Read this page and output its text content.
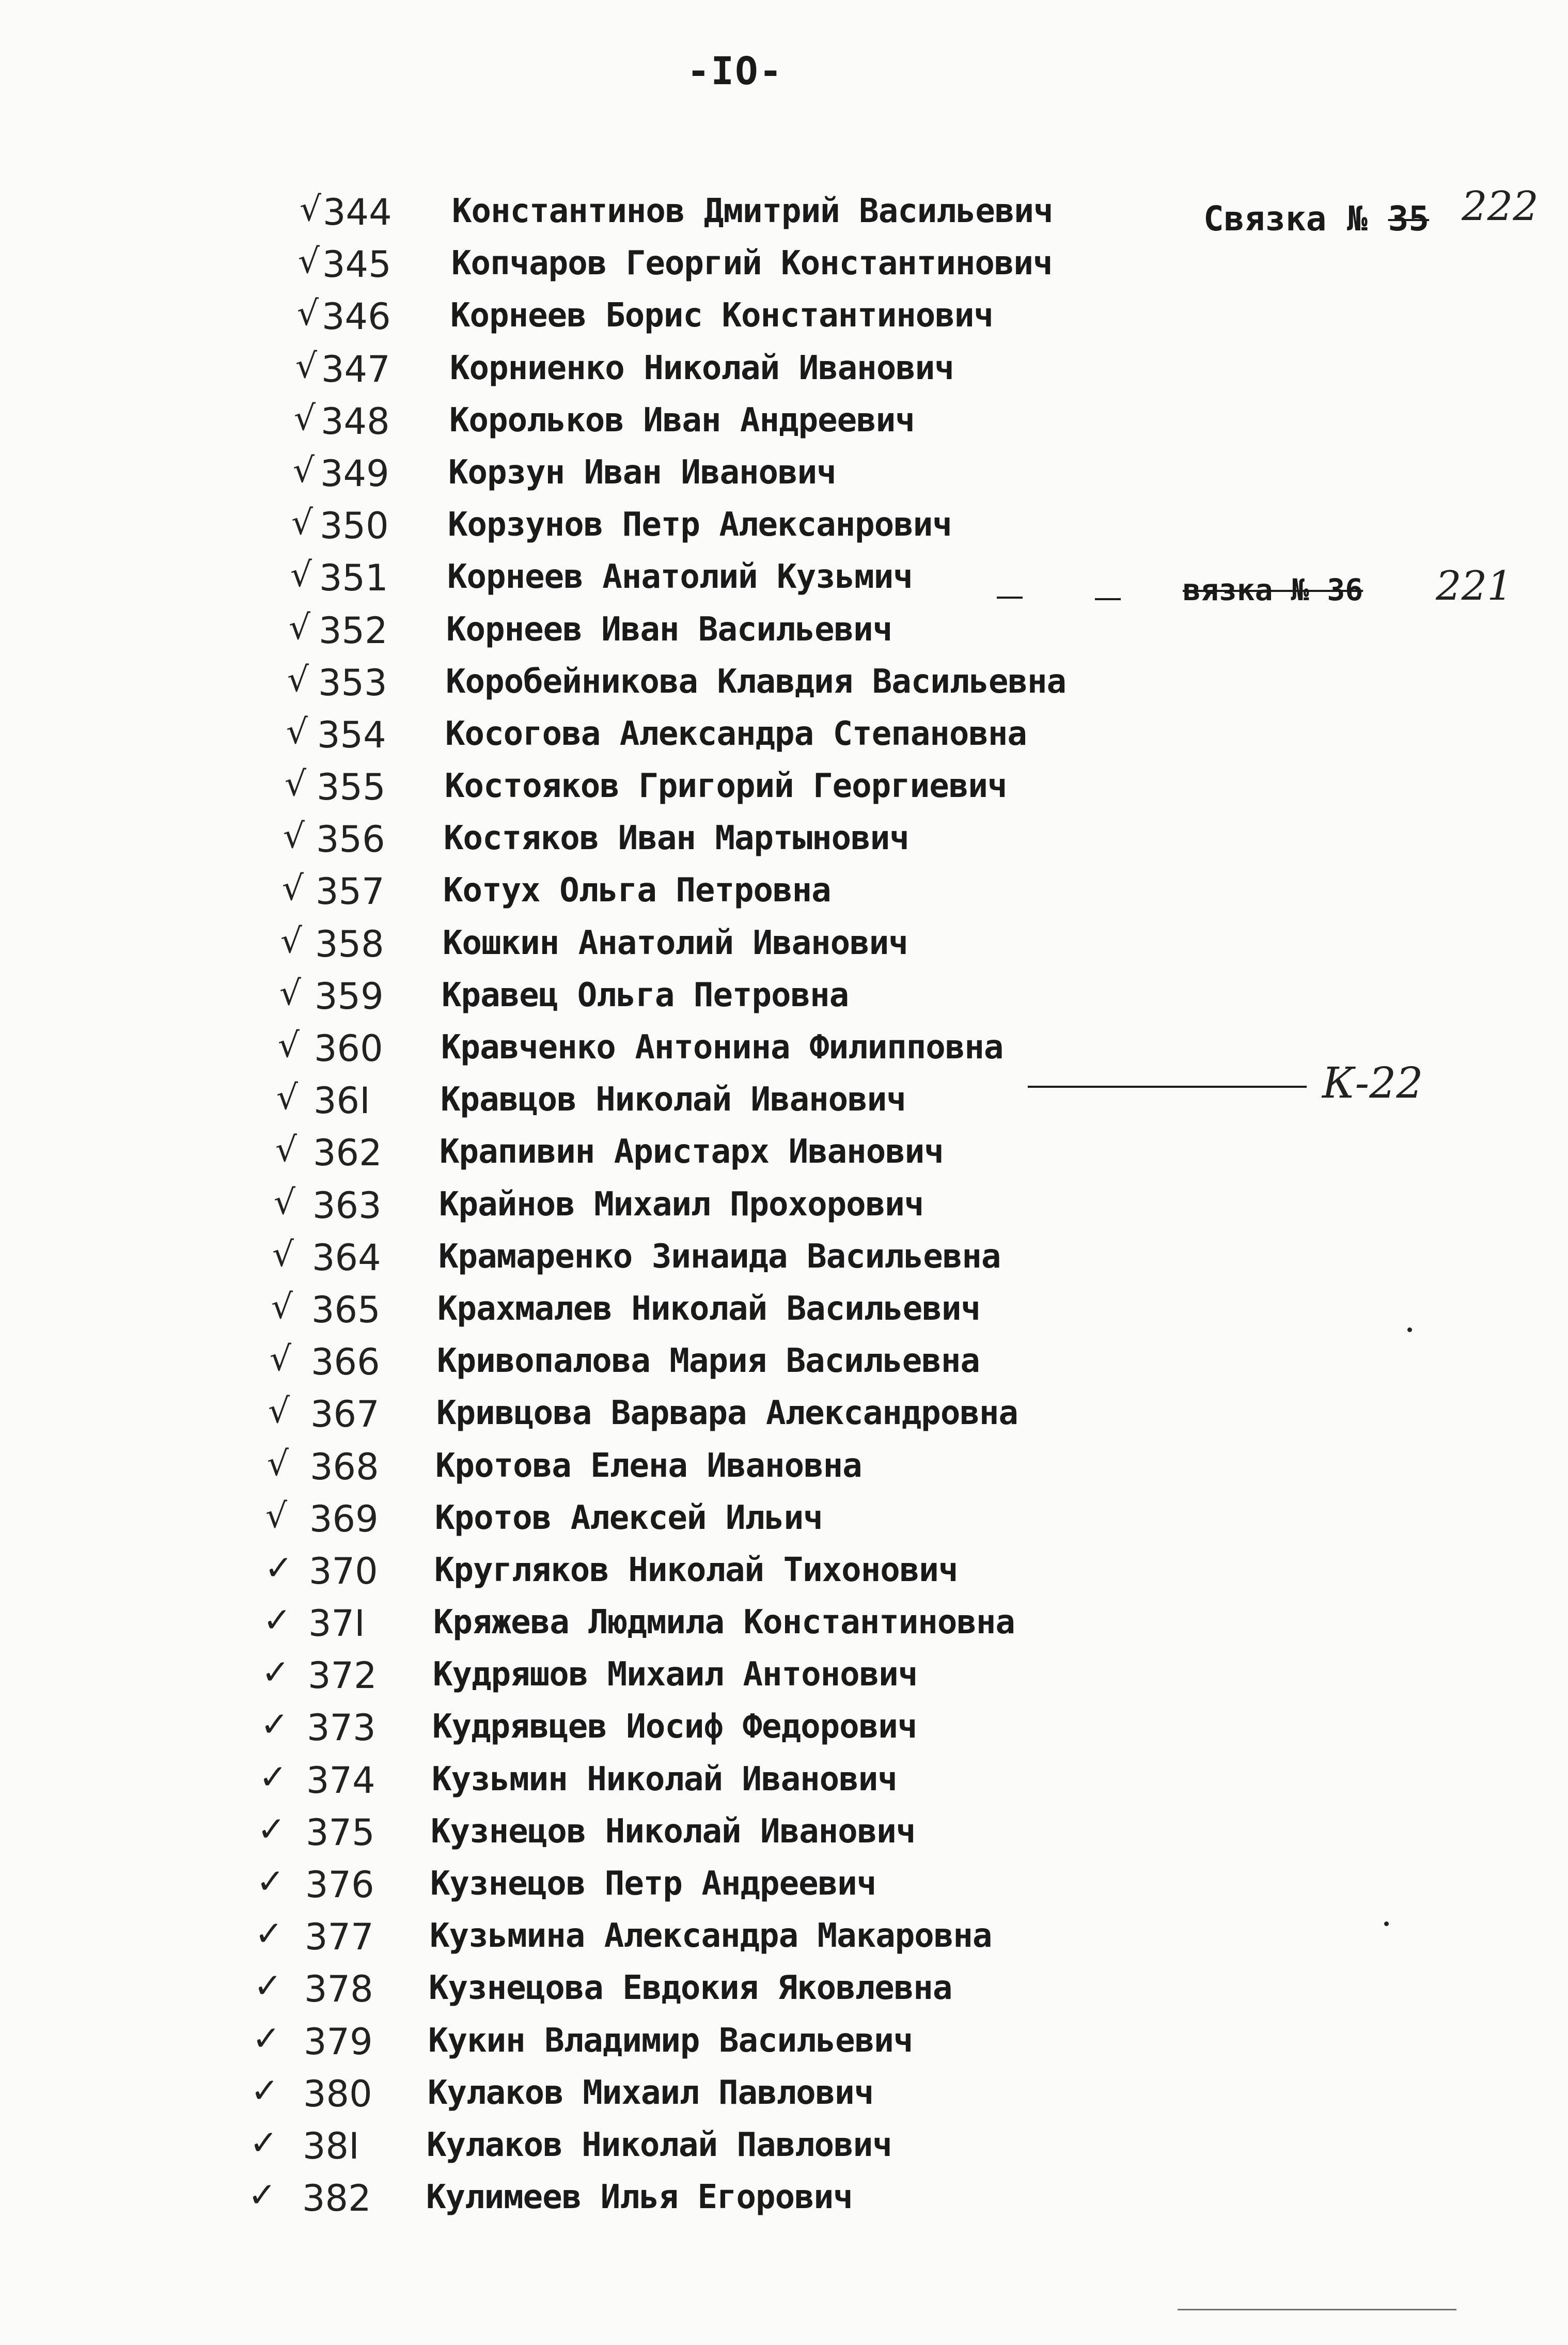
-IO-
√ 344 Константинов Дмитрий Васильевич
√ 345 Копчаров Георгий Константинович
√ 346 Корнеев Борис Константинович
√ 347 Корниенко Николай Иванович
√ 348 Корольков Иван Андреевич
√ 349 Корзун Иван Иванович
√ 350 Корзунов Петр Алексанрович
√ 351 Корнеев Анатолий Кузьмич
√ 352 Корнеев Иван Васильевич
√ 353 Коробейникова Клавдия Васильевна
√ 354 Косогова Александра Степановна
√ 355 Костояков Григорий Георгиевич
√ 356 Костяков Иван Мартынович
√ 357 Котух Ольга Петровна
√ 358 Кошкин Анатолий Иванович
√ 359 Кравец Ольга Петровна
√ 360 Кравченко Антонина Филипповна
√ 36I Кравцов Николай Иванович
√ 362 Крапивин Аристарх Иванович
√ 363 Крайнов Михаил Прохорович
√ 364 Крамаренко Зинаида Васильевна
√ 365 Крахмалев Николай Васильевич
√ 366 Кривопалова Мария Васильевна
√ 367 Кривцова Варвара Александровна
√ 368 Кротова Елена Ивановна
√ 369 Кротов Алексей Ильич
✓ 370 Кругляков Николай Тихонович
✓ 37I Кряжева Людмила Константиновна
✓ 372 Кудряшов Михаил Антонович
✓ 373 Кудрявцев Иосиф Федорович
✓ 374 Кузьмин Николай Иванович
✓ 375 Кузнецов Николай Иванович
✓ 376 Кузнецов Петр Андреевич
✓ 377 Кузьмина Александра Макаровна
✓ 378 Кузнецова Евдокия Яковлевна
✓ 379 Кукин Владимир Васильевич
✓ 380 Кулаков Михаил Павлович
✓ 38I Кулаков Николай Павлович
✓ 382 Кулимеев Илья Егорович
Связка № 35 222
вязка № 36 221
К-22
